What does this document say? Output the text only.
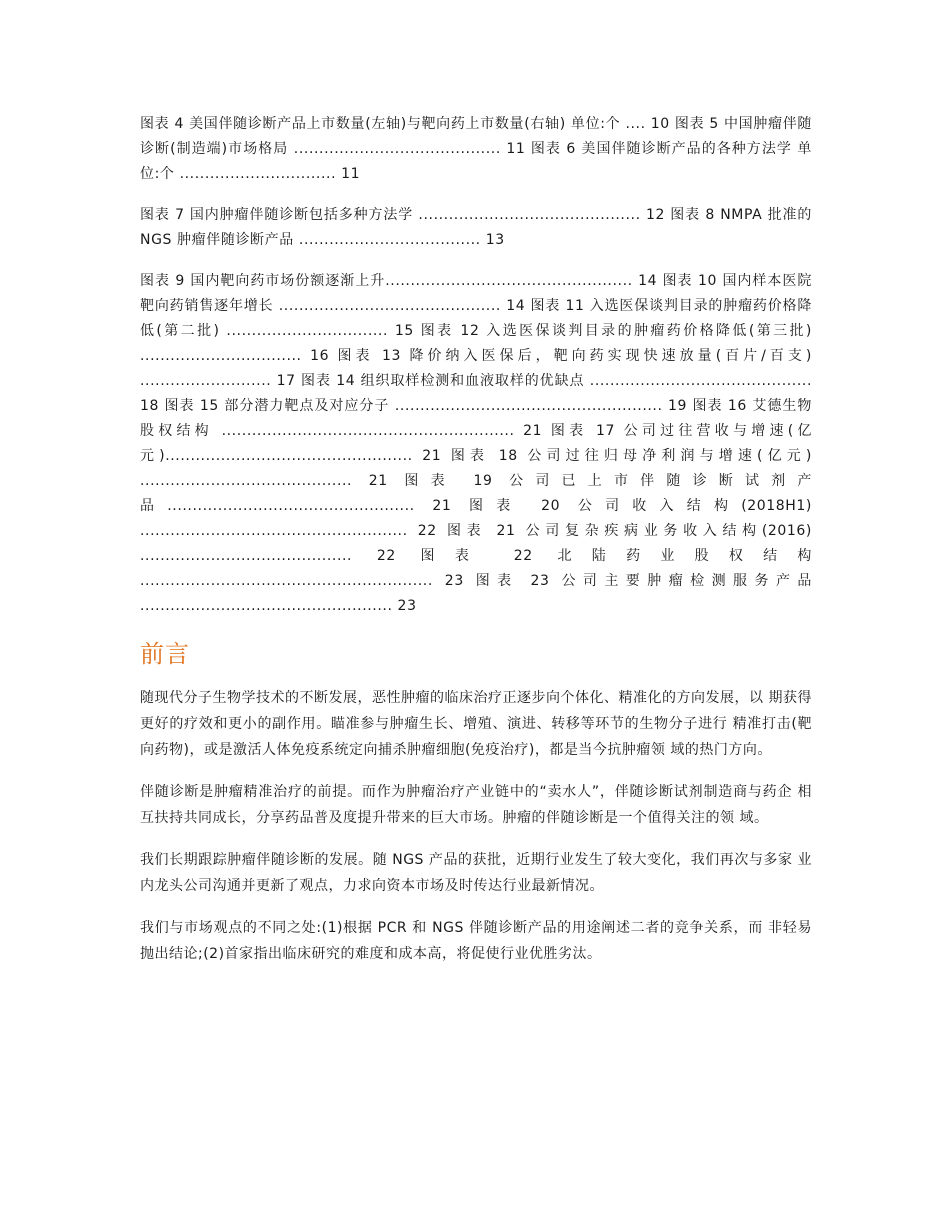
图表 4 美国伴随诊断产品上市数量(左轴)与靶向药上市数量(右轴) 单位:个 .... 10 图表 5 中国肿瘤伴随诊断(制造端)市场格局 ......................................... 11 图表 6 美国伴随诊断产品的各种方法学 单位:个 ............................... 11

图表 7 国内肿瘤伴随诊断包括多种方法学 ............................................ 12 图表 8 NMPA 批准的 NGS 肿瘤伴随诊断产品 .................................... 13

图表 9 国内靶向药市场份额逐渐上升................................................. 14 图表 10 国内样本医院靶向药销售逐年增长 ............................................ 14 图表 11 入选医保谈判目录的肿瘤药价格降低(第二批) ................................ 15 图表 12 入选医保谈判目录的肿瘤药价格降低(第三批) ................................ 16 图表 13 降价纳入医保后，靶向药实现快速放量(百片/百支) .......................... 17 图表 14 组织取样检测和血液取样的优缺点 ............................................ 18 图表 15 部分潜力靶点及对应分子 ..................................................... 19 图表 16 艾德生物股权结构 .......................................................... 21 图表 17 公司过往营收与增速(亿元)................................................. 21 图表 18 公司过往归母净利润与增速(亿元) .......................................... 21 图表 19 公司已上市伴随诊断试剂产品................................................. 21 图表 20 公司收入结构(2018H1) ..................................................... 22 图表 21 公司复杂疾病业务收入结构(2016) .......................................... 22 图表 22 北陆药业股权结构 .......................................................... 23 图表 23 公司主要肿瘤检测服务产品 .................................................. 23

前言

随现代分子生物学技术的不断发展，恶性肿瘤的临床治疗正逐步向个体化、精准化的方向发展，以 期获得更好的疗效和更小的副作用。瞄准参与肿瘤生长、增殖、演进、转移等环节的生物分子进行 精准打击(靶向药物)，或是激活人体免疫系统定向捕杀肿瘤细胞(免疫治疗)，都是当今抗肿瘤领 域的热门方向。

伴随诊断是肿瘤精准治疗的前提。而作为肿瘤治疗产业链中的“卖水人”，伴随诊断试剂制造商与药企 相互扶持共同成长，分享药品普及度提升带来的巨大市场。肿瘤的伴随诊断是一个值得关注的领 域。

我们长期跟踪肿瘤伴随诊断的发展。随 NGS 产品的获批，近期行业发生了较大变化，我们再次与多家 业内龙头公司沟通并更新了观点，力求向资本市场及时传达行业最新情况。

我们与市场观点的不同之处:(1)根据 PCR 和 NGS 伴随诊断产品的用途阐述二者的竞争关系，而 非轻易抛出结论;(2)首家指出临床研究的难度和成本高，将促使行业优胜劣汰。
